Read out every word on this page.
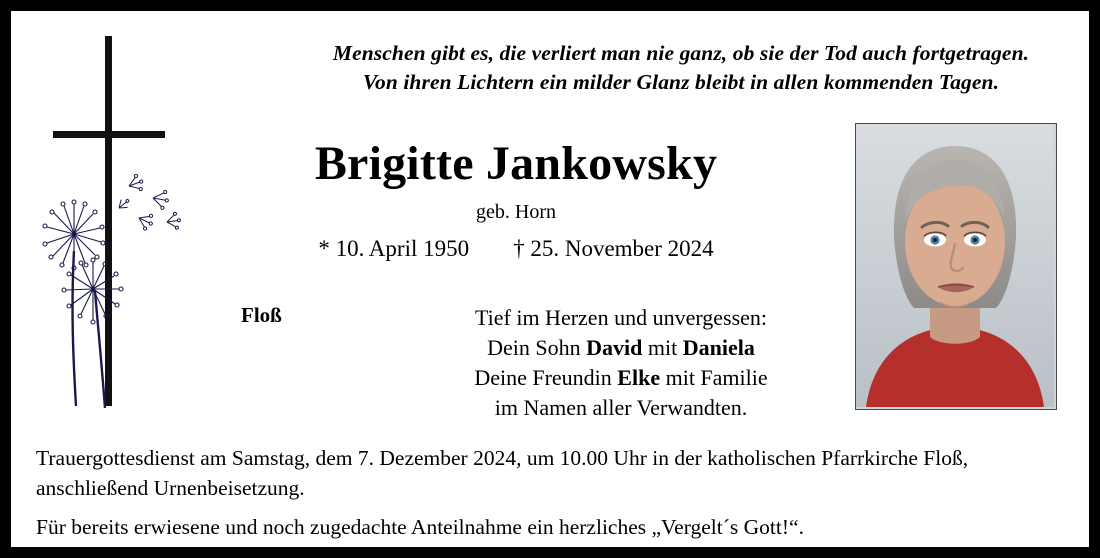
Menschen gibt es, die verliert man nie ganz, ob sie der Tod auch fortgetragen.
Von ihren Lichtern ein milder Glanz bleibt in allen kommenden Tagen.
Brigitte Jankowsky
geb. Horn
* 10. April 1950 † 25. November 2024
Floß	Tief im Herzen und unvergessen:
Dein Sohn David mit Daniela
Deine Freundin Elke mit Familie
im Namen aller Verwandten.
Trauergottesdienst am Samstag, dem 7. Dezember 2024, um 10.00 Uhr in der katholischen Pfarrkirche Floß,
anschließend Urnenbeisetzung.
Für bereits erwiesene und noch zugedachte Anteilnahme ein herzliches „Vergelt´s Gott!“.
